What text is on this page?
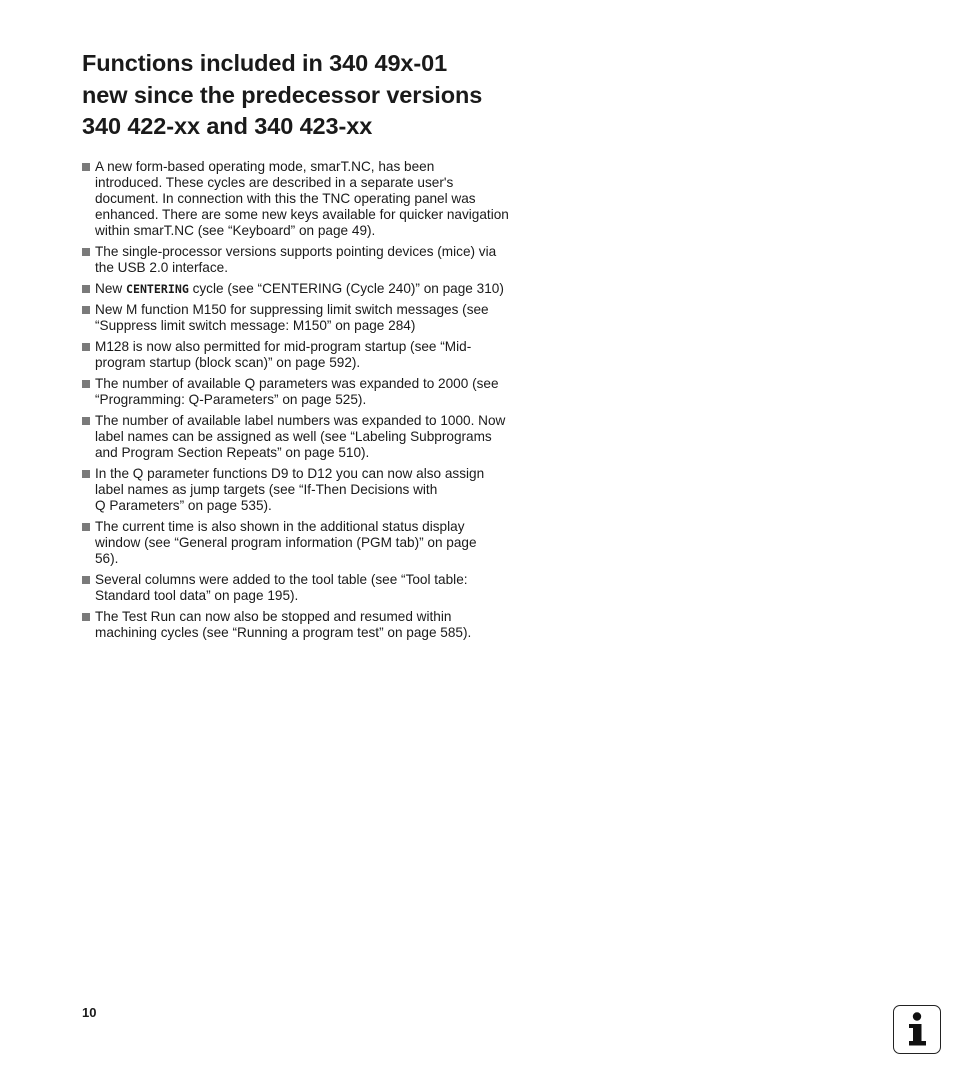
Functions included in 340 49x-01
new since the predecessor versions
340 422-xx and 340 423-xx
A new form-based operating mode, smarT.NC, has been
introduced. These cycles are described in a separate user's
document. In connection with this the TNC operating panel was
enhanced. There are some new keys available for quicker navigation
within smarT.NC (see “Keyboard” on page 49).
The single-processor versions supports pointing devices (mice) via
the USB 2.0 interface.
New CENTERING cycle (see “CENTERING (Cycle 240)” on page 310)
New M function M150 for suppressing limit switch messages (see
“Suppress limit switch message: M150” on page 284)
M128 is now also permitted for mid-program startup (see “Mid-
program startup (block scan)” on page 592).
The number of available Q parameters was expanded to 2000 (see
“Programming: Q-Parameters” on page 525).
The number of available label numbers was expanded to 1000. Now
label names can be assigned as well (see “Labeling Subprograms
and Program Section Repeats” on page 510).
In the Q parameter functions D9 to D12 you can now also assign
label names as jump targets (see “If-Then Decisions with
Q Parameters” on page 535).
The current time is also shown in the additional status display
window (see “General program information (PGM tab)” on page
56).
Several columns were added to the tool table (see “Tool table:
Standard tool data” on page 195).
The Test Run can now also be stopped and resumed within
machining cycles (see “Running a program test” on page 585).
10
